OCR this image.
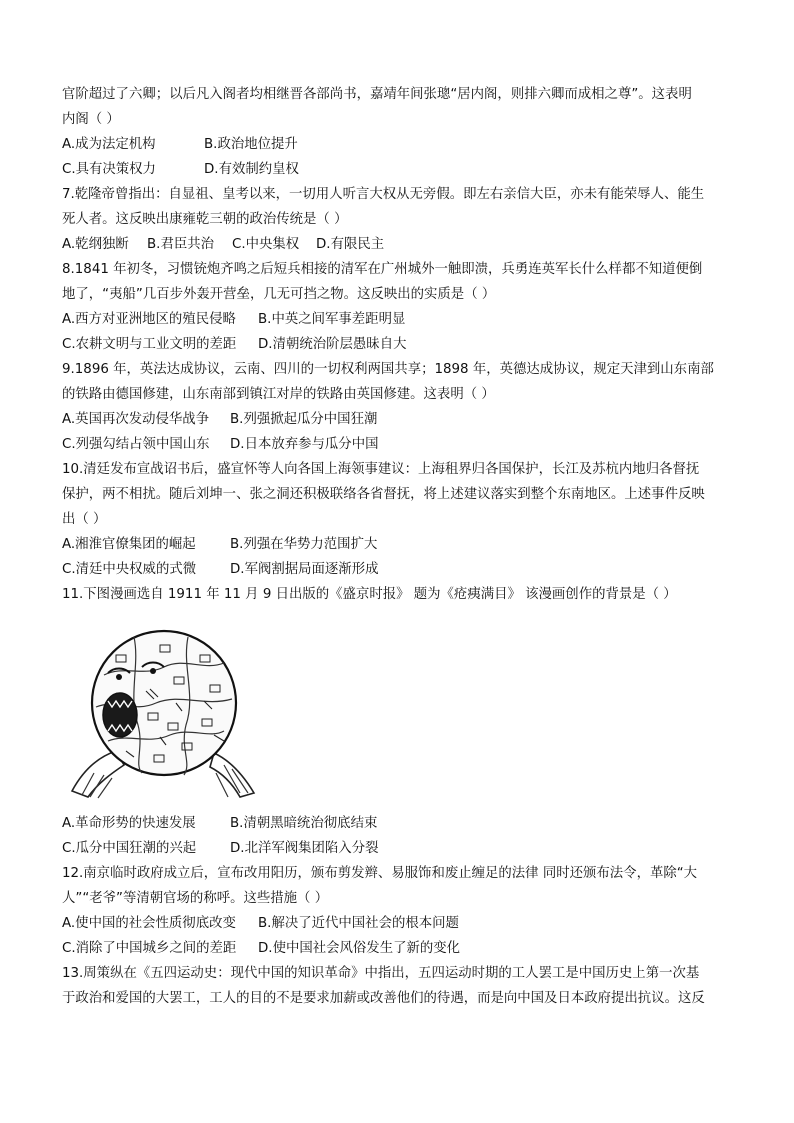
官阶超过了六卿；以后凡入阁者均相继晋各部尚书，嘉靖年间张璁“居内阁，则排六卿而成相之尊”。这表明
内阁（ ）
A.成为法定机构	B.政治地位提升
C.具有决策权力	D.有效制约皇权
7.乾隆帝曾指出：自显祖、皇考以来，一切用人听言大权从无旁假。即左右亲信大臣，亦未有能荣辱人、能生
死人者。这反映出康雍乾三朝的政治传统是（ ）
A.乾纲独断	B.君臣共治	C.中央集权	D.有限民主
8.1841 年初冬，习惯铳炮齐鸣之后短兵相接的清军在广州城外一触即溃，兵勇连英军长什么样都不知道便倒
地了，“夷船”几百步外轰开营垒，几无可挡之物。这反映出的实质是（ ）
A.西方对亚洲地区的殖民侵略	B.中英之间军事差距明显
C.农耕文明与工业文明的差距	D.清朝统治阶层愚昧自大
9.1896 年，英法达成协议，云南、四川的一切权利两国共享；1898 年，英德达成协议，规定天津到山东南部
的铁路由德国修建，山东南部到镇江对岸的铁路由英国修建。这表明（ ）
A.英国再次发动侵华战争	B.列强掀起瓜分中国狂潮
C.列强勾结占领中国山东	D.日本放弃参与瓜分中国
10.清廷发布宣战诏书后，盛宣怀等人向各国上海领事建议：上海租界归各国保护，长江及苏杭内地归各督抚
保护，两不相扰。随后刘坤一、张之洞还积极联络各省督抚，将上述建议落实到整个东南地区。上述事件反映
出（ ）
A.湘淮官僚集团的崛起	B.列强在华势力范围扩大
C.清廷中央权威的式微	D.军阀割据局面逐渐形成
11.下图漫画选自 1911 年 11 月 9 日出版的《盛京时报》 题为《疮痍满目》 该漫画创作的背景是（ ）
A.革命形势的快速发展	B.清朝黑暗统治彻底结束
C.瓜分中国狂潮的兴起	D.北洋军阀集团陷入分裂
12.南京临时政府成立后，宣布改用阳历，颁布剪发辫、易服饰和废止缠足的法律 同时还颁布法令，革除“大
人”“老爷”等清朝官场的称呼。这些措施（ ）
A.使中国的社会性质彻底改变	B.解决了近代中国社会的根本问题
C.消除了中国城乡之间的差距	D.使中国社会风俗发生了新的变化
13.周策纵在《五四运动史：现代中国的知识革命》中指出，五四运动时期的工人罢工是中国历史上第一次基
于政治和爱国的大罢工，工人的目的不是要求加薪或改善他们的待遇，而是向中国及日本政府提出抗议。这反
